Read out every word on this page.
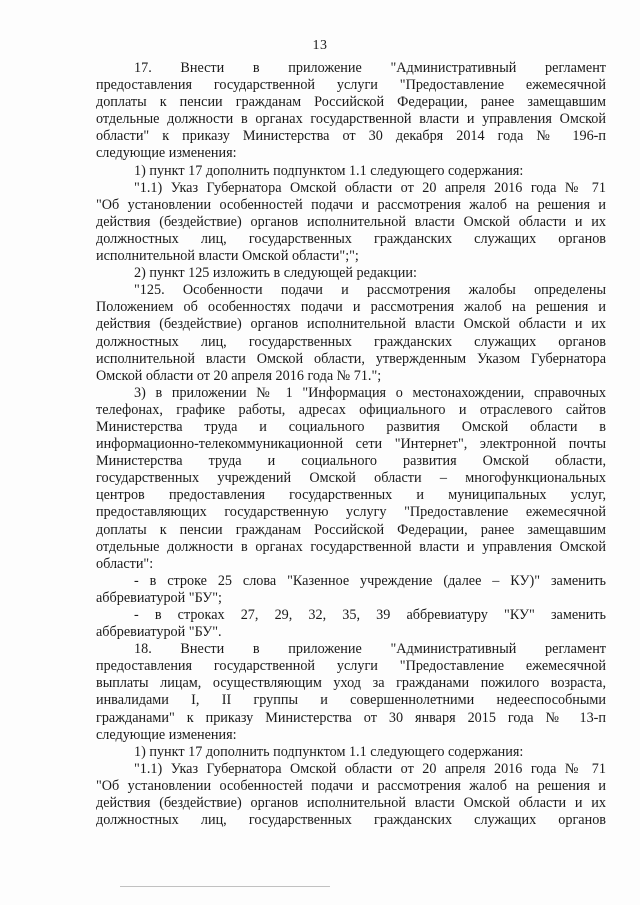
13
17. Внести в приложение "Административный регламент
предоставления государственной услуги "Предоставление ежемесячной
доплаты к пенсии гражданам Российской Федерации, ранее замещавшим
отдельные должности в органах государственной власти и управления Омской
области" к приказу Министерства от 30 декабря 2014 года № 196-п
следующие изменения:
1) пункт 17 дополнить подпунктом 1.1 следующего содержания:
"1.1) Указ Губернатора Омской области от 20 апреля 2016 года № 71
"Об установлении особенностей подачи и рассмотрения жалоб на решения и
действия (бездействие) органов исполнительной власти Омской области и их
должностных лиц, государственных гражданских служащих органов
исполнительной власти Омской области";";
2) пункт 125 изложить в следующей редакции:
"125. Особенности подачи и рассмотрения жалобы определены
Положением об особенностях подачи и рассмотрения жалоб на решения и
действия (бездействие) органов исполнительной власти Омской области и их
должностных лиц, государственных гражданских служащих органов
исполнительной власти Омской области, утвержденным Указом Губернатора
Омской области от 20 апреля 2016 года № 71.";
3) в приложении № 1 "Информация о местонахождении, справочных
телефонах, графике работы, адресах официального и отраслевого сайтов
Министерства труда и социального развития Омской области в
информационно-телекоммуникационной сети "Интернет", электронной почты
Министерства труда и социального развития Омской области,
государственных учреждений Омской области – многофункциональных
центров предоставления государственных и муниципальных услуг,
предоставляющих государственную услугу "Предоставление ежемесячной
доплаты к пенсии гражданам Российской Федерации, ранее замещавшим
отдельные должности в органах государственной власти и управления Омской
области":
- в строке 25 слова "Казенное учреждение (далее – КУ)" заменить
аббревиатурой "БУ";
- в строках 27, 29, 32, 35, 39 аббревиатуру "КУ" заменить
аббревиатурой "БУ".
18. Внести в приложение "Административный регламент
предоставления государственной услуги "Предоставление ежемесячной
выплаты лицам, осуществляющим уход за гражданами пожилого возраста,
инвалидами I, II группы и совершеннолетними недееспособными
гражданами" к приказу Министерства от 30 января 2015 года № 13-п
следующие изменения:
1) пункт 17 дополнить подпунктом 1.1 следующего содержания:
"1.1) Указ Губернатора Омской области от 20 апреля 2016 года № 71
"Об установлении особенностей подачи и рассмотрения жалоб на решения и
действия (бездействие) органов исполнительной власти Омской области и их
должностных лиц, государственных гражданских служащих органов
